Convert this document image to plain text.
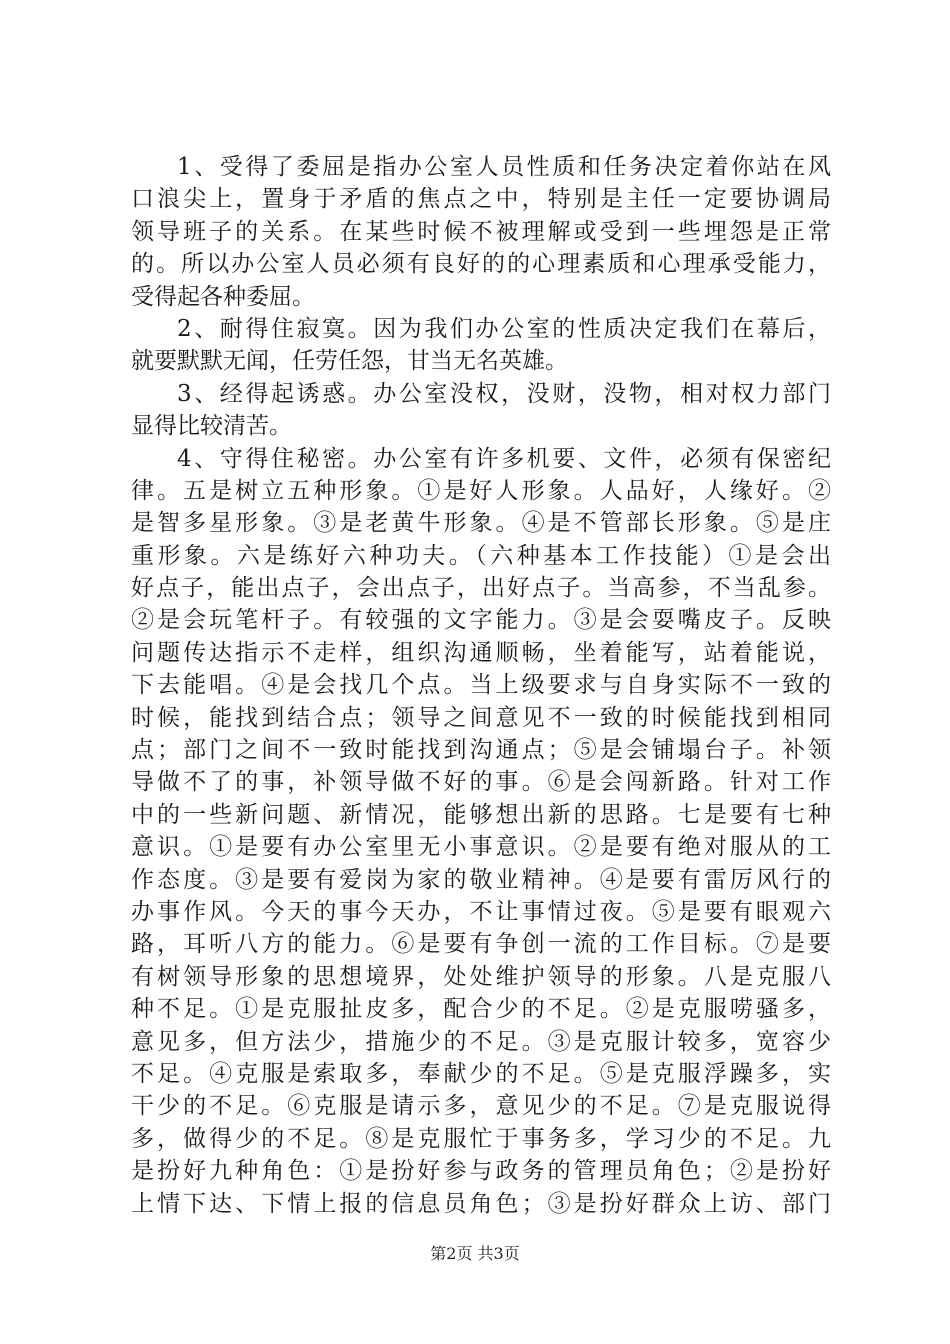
1、受得了委屈是指办公室人员性质和任务决定着你站在风
口浪尖上，置身于矛盾的焦点之中，特别是主任一定要协调局
领导班子的关系。在某些时候不被理解或受到一些埋怨是正常
的。所以办公室人员必须有良好的的心理素质和心理承受能力，
受得起各种委屈。
2、耐得住寂寞。因为我们办公室的性质决定我们在幕后，
就要默默无闻，任劳任怨，甘当无名英雄。
3、经得起诱惑。办公室没权，没财，没物，相对权力部门
显得比较清苦。
4、守得住秘密。办公室有许多机要、文件，必须有保密纪
律。五是树立五种形象。①是好人形象。人品好，人缘好。②
是智多星形象。③是老黄牛形象。④是不管部长形象。⑤是庄
重形象。六是练好六种功夫。（六种基本工作技能）①是会出
好点子，能出点子，会出点子，出好点子。当高参，不当乱参。
②是会玩笔杆子。有较强的文字能力。③是会耍嘴皮子。反映
问题传达指示不走样，组织沟通顺畅，坐着能写，站着能说，
下去能唱。④是会找几个点。当上级要求与自身实际不一致的
时候，能找到结合点；领导之间意见不一致的时候能找到相同
点；部门之间不一致时能找到沟通点；⑤是会铺塌台子。补领
导做不了的事，补领导做不好的事。⑥是会闯新路。针对工作
中的一些新问题、新情况，能够想出新的思路。七是要有七种
意识。①是要有办公室里无小事意识。②是要有绝对服从的工
作态度。③是要有爱岗为家的敬业精神。④是要有雷厉风行的
办事作风。今天的事今天办，不让事情过夜。⑤是要有眼观六
路，耳听八方的能力。⑥是要有争创一流的工作目标。⑦是要
有树领导形象的思想境界，处处维护领导的形象。八是克服八
种不足。①是克服扯皮多，配合少的不足。②是克服唠骚多，
意见多，但方法少，措施少的不足。③是克服计较多，宽容少
不足。④克服是索取多，奉献少的不足。⑤是克服浮躁多，实
干少的不足。⑥克服是请示多，意见少的不足。⑦是克服说得
多，做得少的不足。⑧是克服忙于事务多，学习少的不足。九
是扮好九种角色：①是扮好参与政务的管理员角色；②是扮好
上情下达、下情上报的信息员角色；③是扮好群众上访、部门
第2页 共3页
